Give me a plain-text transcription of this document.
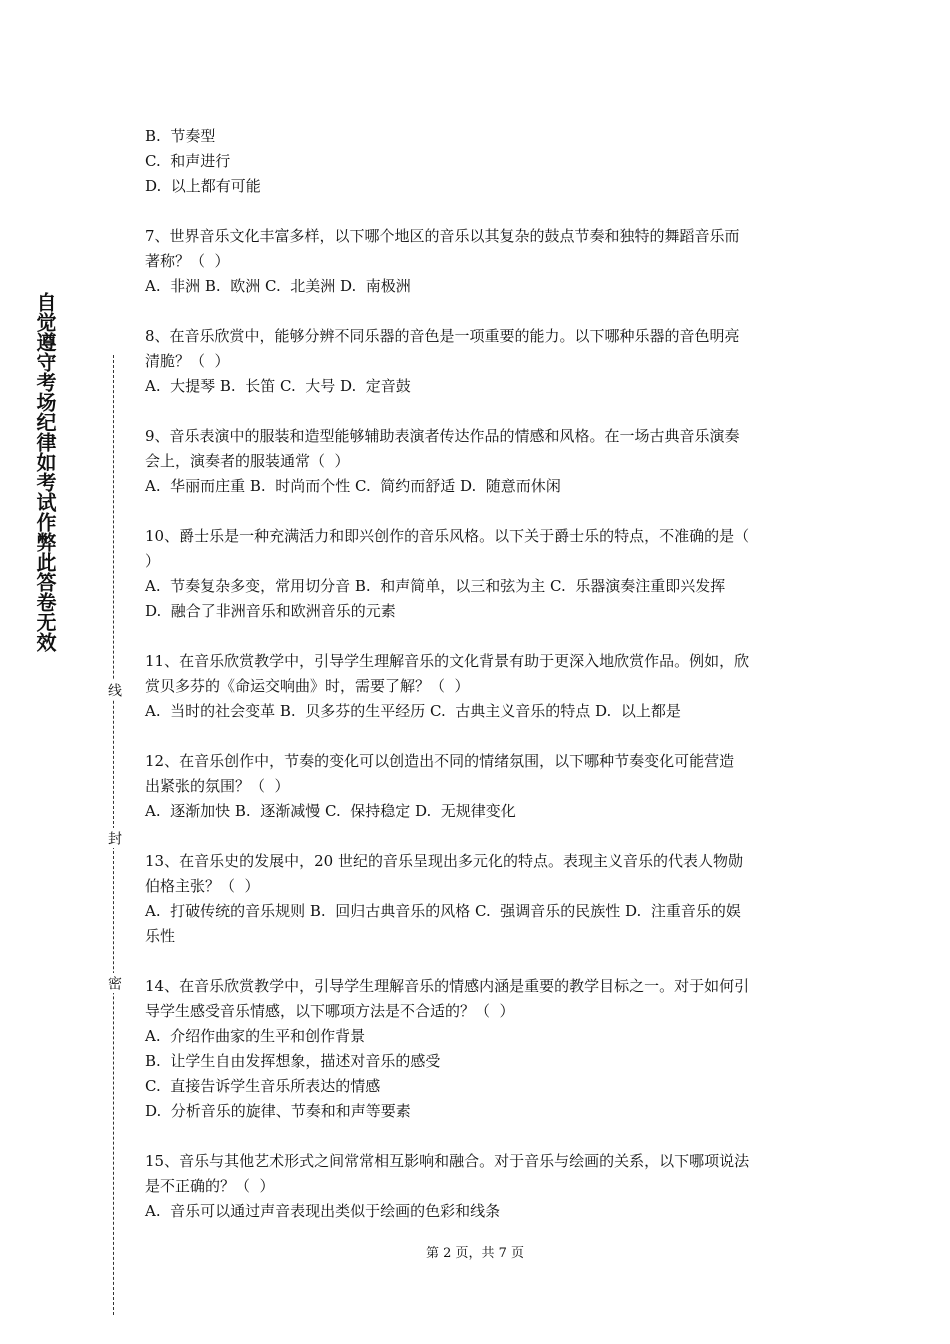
自觉遵守考场纪律如考试作弊此答卷无效
线
封
密
B.  节奏型
C.  和声进行
D.  以上都有可能
7、世界音乐文化丰富多样，以下哪个地区的音乐以其复杂的鼓点节奏和独特的舞蹈音乐而
著称？（  ）
A.  非洲 B.  欧洲 C.  北美洲 D.  南极洲
8、在音乐欣赏中，能够分辨不同乐器的音色是一项重要的能力。以下哪种乐器的音色明亮
清脆？（  ）
A.  大提琴 B.  长笛 C.  大号 D.  定音鼓
9、音乐表演中的服装和造型能够辅助表演者传达作品的情感和风格。在一场古典音乐演奏
会上，演奏者的服装通常（  ）
A.  华丽而庄重 B.  时尚而个性 C.  简约而舒适 D.  随意而休闲
10、爵士乐是一种充满活力和即兴创作的音乐风格。以下关于爵士乐的特点，不准确的是（
）
A.  节奏复杂多变，常用切分音 B.  和声简单，以三和弦为主 C.  乐器演奏注重即兴发挥
D.  融合了非洲音乐和欧洲音乐的元素
11、在音乐欣赏教学中，引导学生理解音乐的文化背景有助于更深入地欣赏作品。例如，欣
赏贝多芬的《命运交响曲》时，需要了解？（  ）
A.  当时的社会变革 B.  贝多芬的生平经历 C.  古典主义音乐的特点 D.  以上都是
12、在音乐创作中，节奏的变化可以创造出不同的情绪氛围，以下哪种节奏变化可能营造
出紧张的氛围？（  ）
A.  逐渐加快 B.  逐渐减慢 C.  保持稳定 D.  无规律变化
13、在音乐史的发展中，20 世纪的音乐呈现出多元化的特点。表现主义音乐的代表人物勋
伯格主张？（  ）
A.  打破传统的音乐规则 B.  回归古典音乐的风格 C.  强调音乐的民族性 D.  注重音乐的娱
乐性
14、在音乐欣赏教学中，引导学生理解音乐的情感内涵是重要的教学目标之一。对于如何引
导学生感受音乐情感，以下哪项方法是不合适的？（  ）
A.  介绍作曲家的生平和创作背景
B.  让学生自由发挥想象，描述对音乐的感受
C.  直接告诉学生音乐所表达的情感
D.  分析音乐的旋律、节奏和和声等要素
15、音乐与其他艺术形式之间常常相互影响和融合。对于音乐与绘画的关系，以下哪项说法
是不正确的？（  ）
A.  音乐可以通过声音表现出类似于绘画的色彩和线条
第 2 页，共 7 页
